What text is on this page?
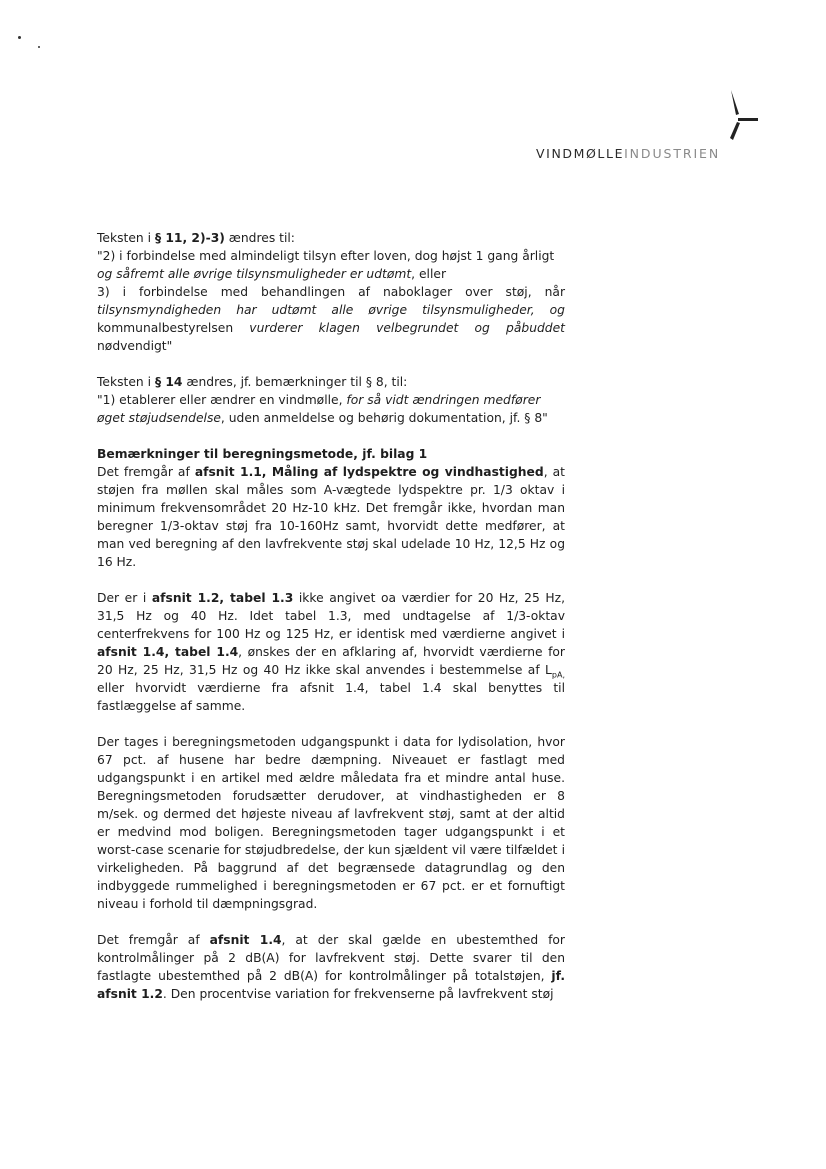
VINDMØLLEINDUSTRIEN

Teksten i § 11, 2)-3) ændres til:
"2) i forbindelse med almindeligt tilsyn efter loven, dog højst 1 gang årligt
og såfremt alle øvrige tilsynsmuligheder er udtømt, eller

3) i forbindelse med behandlingen af naboklager over støj, når
tilsynsmyndigheden har udtømt alle øvrige tilsynsmuligheder, og
kommunalbestyrelsen vurderer klagen velbegrundet og påbuddet

nødvendigt"

Teksten i § 14 ændres, jf. bemærkninger til § 8, til:
"1) etablerer eller ændrer en vindmølle, for så vidt ændringen medfører
øget støjudsendelse, uden anmeldelse og behørig dokumentation, jf. § 8"

Bemærkninger til beregningsmetode, jf. bilag 1

Det fremgår af afsnit 1.1, Måling af lydspektre og vindhastighed, at støjen fra møllen skal måles som A-vægtede lydspektre pr. 1/3 oktav i minimum frekvensområdet 20 Hz-10 kHz. Det fremgår ikke, hvordan man beregner 1/3-oktav støj fra 10-160Hz samt, hvorvidt dette medfører, at man ved beregning af den lavfrekvente støj skal udelade 10 Hz, 12,5 Hz og 16 Hz.

Der er i afsnit 1.2, tabel 1.3 ikke angivet oa værdier for 20 Hz, 25 Hz, 31,5 Hz og 40 Hz. Idet tabel 1.3, med undtagelse af 1/3-oktav centerfrekvens for 100 Hz og 125 Hz, er identisk med værdierne angivet i afsnit 1.4, tabel 1.4, ønskes der en afklaring af, hvorvidt værdierne for 20 Hz, 25 Hz, 31,5 Hz og 40 Hz ikke skal anvendes i bestemmelse af $L_{pA,}$ eller hvorvidt værdierne fra afsnit 1.4, tabel 1.4 skal benyttes til fastlæggelse af samme.

Der tages i beregningsmetoden udgangspunkt i data for lydisolation, hvor 67 pct. af husene har bedre dæmpning. Niveauet er fastlagt med udgangspunkt i en artikel med ældre måledata fra et mindre antal huse. Beregningsmetoden forudsætter derudover, at vindhastigheden er 8 m/sek. og dermed det højeste niveau af lavfrekvent støj, samt at der altid er medvind mod boligen. Beregningsmetoden tager udgangspunkt i et worst-case scenarie for støjudbredelse, der kun sjældent vil være tilfældet i virkeligheden. På baggrund af det begrænsede datagrundlag og den indbyggede rummelighed i beregningsmetoden er 67 pct. er et fornuftigt niveau i forhold til dæmpningsgrad.

Det fremgår af afsnit 1.4, at der skal gælde en ubestemthed for kontrolmålinger på 2 dB(A) for lavfrekvent støj. Dette svarer til den fastlagte ubestemthed på 2 dB(A) for kontrolmålinger på totalstøjen, jf. afsnit 1.2. Den procentvise variation for frekvenserne på lavfrekvent støj
